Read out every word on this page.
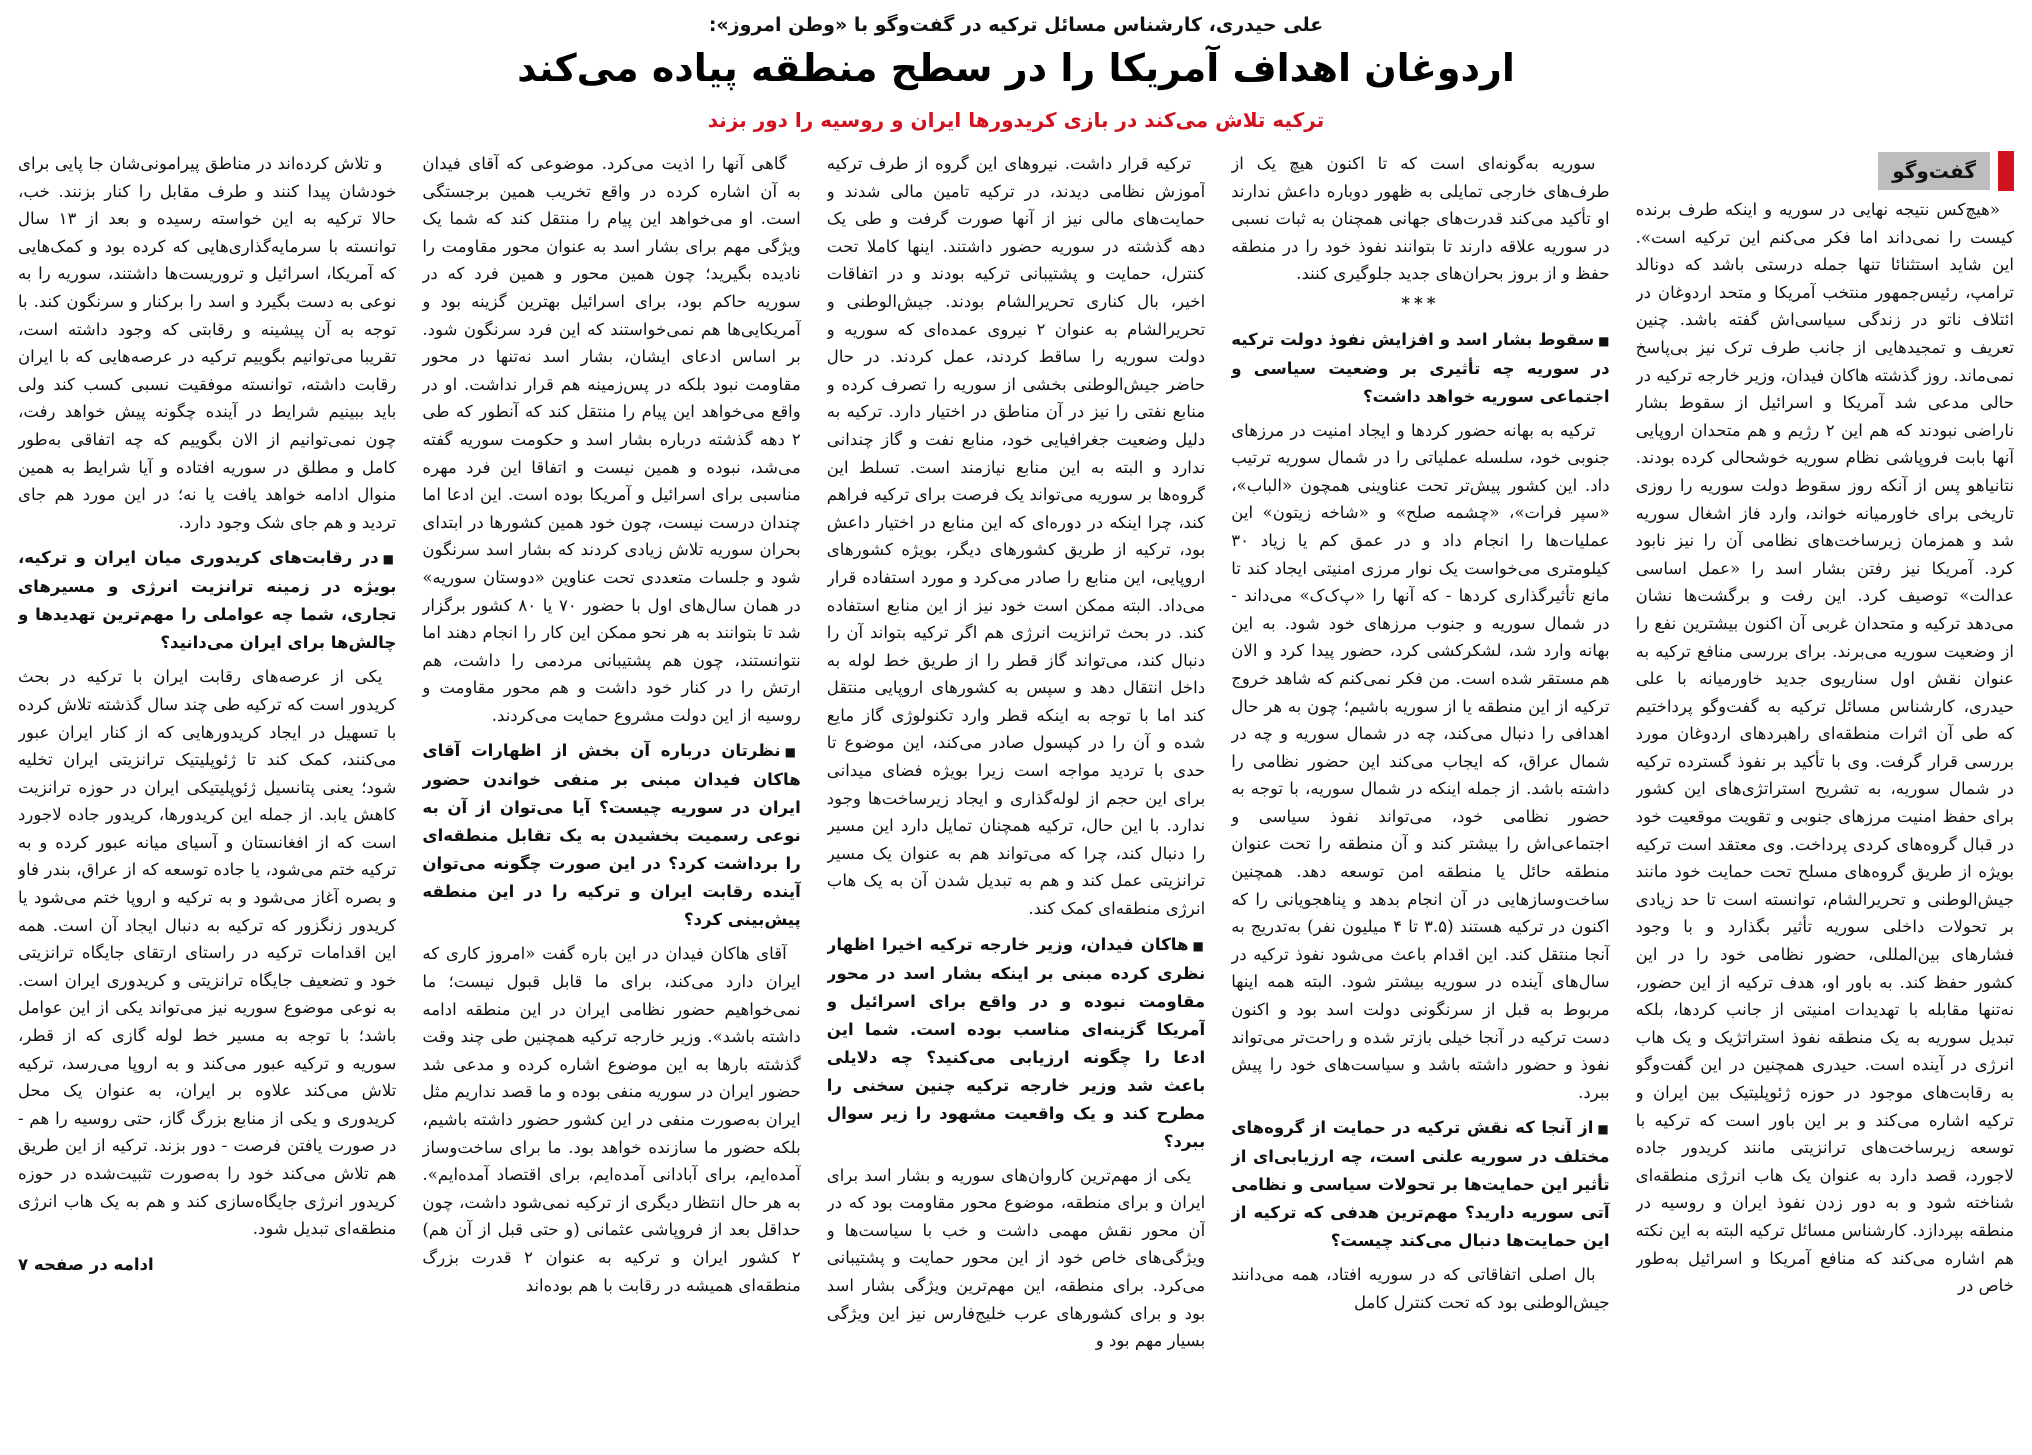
علی حیدری، کارشناس مسائل ترکیه در گفت‌وگو با «وطن امروز»:
اردوغان اهداف آمریکا را در سطح منطقه پیاده می‌کند
ترکیه تلاش می‌کند در بازی کریدورها ایران و روسیه را دور بزند
گفت‌وگو

«هیچ‌کس نتیجه نهایی در سوریه و اینکه طرف برنده کیست را نمی‌داند اما فکر می‌کنم این ترکیه است». این شاید استثنائا تنها جمله درستی باشد که دونالد ترامپ، رئیس‌جمهور منتخب آمریکا و متحد اردوغان در ائتلاف ناتو در زندگی سیاسی‌اش گفته باشد. چنین تعریف و تمجیدهایی از جانب طرف ترک نیز بی‌پاسخ نمی‌ماند. روز گذشته هاکان فیدان، وزیر خارجه ترکیه در حالی مدعی شد آمریکا و اسرائیل از سقوط بشار ناراضی نبودند که هم این ۲ رژیم و هم متحدان اروپایی آنها بابت فروپاشی نظام سوریه خوشحالی کرده بودند. نتانیاهو پس از آنکه روز سقوط دولت سوریه را روزی تاریخی برای خاورمیانه خواند، وارد فاز اشغال سوریه شد و همزمان زیرساخت‌های نظامی آن را نیز نابود کرد. آمریکا نیز رفتن بشار اسد را «عمل اساسی عدالت» توصیف کرد. این رفت و برگشت‌ها نشان می‌دهد ترکیه و متحدان غربی آن اکنون بیشترین نفع را از وضعیت سوریه می‌برند. برای بررسی منافع ترکیه به عنوان نقش اول سناریوی جدید خاورمیانه با علی حیدری، کارشناس مسائل ترکیه به گفت‌وگو پرداختیم که طی آن اثرات منطقه‌ای راهبردهای اردوغان مورد بررسی قرار گرفت. وی با تأکید بر نفوذ گسترده ترکیه در شمال سوریه، به تشریح استراتژی‌های این کشور برای حفظ امنیت مرزهای جنوبی و تقویت موقعیت خود در قبال گروه‌های کردی پرداخت. وی معتقد است ترکیه بویژه از طریق گروه‌های مسلح تحت حمایت خود مانند جیش‌الوطنی و تحریرالشام، توانسته است تا حد زیادی بر تحولات داخلی سوریه تأثیر بگذارد و با وجود فشارهای بین‌المللی، حضور نظامی خود را در این کشور حفظ کند. به باور او، هدف ترکیه از این حضور، نه‌تنها مقابله با تهدیدات امنیتی از جانب کردها، بلکه تبدیل سوریه به یک منطقه نفوذ استراتژیک و یک هاب انرژی در آینده است. حیدری همچنین در این گفت‌وگو به رقابت‌های موجود در حوزه ژئوپلیتیک بین ایران و ترکیه اشاره می‌کند و بر این باور است که ترکیه با توسعه زیرساخت‌های ترانزیتی مانند کریدور جاده لاجورد، قصد دارد به عنوان یک هاب انرژی منطقه‌ای شناخته شود و به دور زدن نفوذ ایران و روسیه در منطقه بپردازد. کارشناس مسائل ترکیه البته به این نکته هم اشاره می‌کند که منافع آمریکا و اسرائیل به‌طور خاص در

سوریه به‌گونه‌ای است که تا اکنون هیچ یک از طرف‌های خارجی تمایلی به ظهور دوباره داعش ندارند او تأکید می‌کند قدرت‌های جهانی همچنان به ثبات نسبی در سوریه علاقه دارند تا بتوانند نفوذ خود را در منطقه حفظ و از بروز بحران‌های جدید جلوگیری کنند.

***

■سقوط بشار اسد و افزایش نفوذ دولت ترکیه در سوریه چه تأثیری بر وضعیت سیاسی و اجتماعی سوریه خواهد داشت؟

ترکیه به بهانه حضور کردها و ایجاد امنیت در مرزهای جنوبی خود، سلسله عملیاتی را در شمال سوریه ترتیب داد. این کشور پیش‌تر تحت عناوینی همچون «الباب»، «سپر فرات»، «چشمه صلح» و «شاخه زیتون» این عملیات‌ها را انجام داد و در عمق کم یا زیاد ۳۰ کیلومتری می‌خواست یک نوار مرزی امنیتی ایجاد کند تا مانع تأثیرگذاری کردها - که آنها را «پ‌ک‌ک» می‌داند - در شمال سوریه و جنوب مرزهای خود شود. به این بهانه وارد شد، لشکرکشی کرد، حضور پیدا کرد و الان هم مستقر شده است. من فکر نمی‌کنم که شاهد خروج ترکیه از این منطقه یا از سوریه باشیم؛ چون به هر حال اهدافی را دنبال می‌کند، چه در شمال سوریه و چه در شمال عراق، که ایجاب می‌کند این حضور نظامی را داشته باشد. از جمله اینکه در شمال سوریه، با توجه به حضور نظامی خود، می‌تواند نفوذ سیاسی و اجتماعی‌اش را بیشتر کند و آن منطقه را تحت عنوان منطقه حائل یا منطقه امن توسعه دهد. همچنین ساخت‌وسازهایی در آن انجام بدهد و پناهجویانی را که اکنون در ترکیه هستند (۳.۵ تا ۴ میلیون نفر) به‌تدریج به آنجا منتقل کند. این اقدام باعث می‌شود نفوذ ترکیه در سال‌های آینده در سوریه بیشتر شود. البته همه اینها مربوط به قبل از سرنگونی دولت اسد بود و اکنون دست ترکیه در آنجا خیلی بازتر شده و راحت‌تر می‌تواند نفوذ و حضور داشته باشد و سیاست‌های خود را پیش ببرد.

■از آنجا که نقش ترکیه در حمایت از گروه‌های مختلف در سوریه علنی است، چه ارزیابی‌ای از تأثیر این حمایت‌ها بر تحولات سیاسی و نظامی آتی سوریه دارید؟ مهم‌ترین هدفی که ترکیه از این حمایت‌ها دنبال می‌کند چیست؟

بال اصلی اتفاقاتی که در سوریه افتاد، همه می‌دانند جیش‌الوطنی بود که تحت کنترل کامل

ترکیه قرار داشت. نیروهای این گروه از طرف ترکیه آموزش نظامی دیدند، در ترکیه تامین مالی شدند و حمایت‌های مالی نیز از آنها صورت گرفت و طی یک دهه گذشته در سوریه حضور داشتند. اینها کاملا تحت کنترل، حمایت و پشتیبانی ترکیه بودند و در اتفاقات اخیر، بال کناری تحریرالشام بودند. جیش‌الوطنی و تحریرالشام به عنوان ۲ نیروی عمده‌ای که سوریه و دولت سوریه را ساقط کردند، عمل کردند. در حال حاضر جیش‌الوطنی بخشی از سوریه را تصرف کرده و منابع نفتی را نیز در آن مناطق در اختیار دارد. ترکیه به دلیل وضعیت جغرافیایی خود، منابع نفت و گاز چندانی ندارد و البته به این منابع نیازمند است. تسلط این گروه‌ها بر سوریه می‌تواند یک فرصت برای ترکیه فراهم کند، چرا اینکه در دوره‌ای که این منابع در اختیار داعش بود، ترکیه از طریق کشورهای دیگر، بویژه کشورهای اروپایی، این منابع را صادر می‌کرد و مورد استفاده قرار می‌داد. البته ممکن است خود نیز از این منابع استفاده کند. در بحث ترانزیت انرژی هم اگر ترکیه بتواند آن را دنبال کند، می‌تواند گاز قطر را از طریق خط لوله به داخل انتقال دهد و سپس به کشورهای اروپایی منتقل کند اما با توجه به اینکه قطر وارد تکنولوژی گاز مایع شده و آن را در کپسول صادر می‌کند، این موضوع تا حدی با تردید مواجه است زیرا بویژه فضای میدانی برای این حجم از لوله‌گذاری و ایجاد زیرساخت‌ها وجود ندارد. با این حال، ترکیه همچنان تمایل دارد این مسیر را دنبال کند، چرا که می‌تواند هم به عنوان یک مسیر ترانزیتی عمل کند و هم به تبدیل شدن آن به یک هاب انرژی منطقه‌ای کمک کند.

■هاکان فیدان، وزیر خارجه ترکیه اخیرا اظهار نظری کرده مبنی بر اینکه بشار اسد در محور مقاومت نبوده و در واقع برای اسرائیل و آمریکا گزینه‌ای مناسب بوده است. شما این ادعا را چگونه ارزیابی می‌کنید؟ چه دلایلی باعث شد وزیر خارجه ترکیه چنین سخنی را مطرح کند و یک واقعیت مشهود را زیر سوال ببرد؟

یکی از مهم‌ترین کاروان‌های سوریه و بشار اسد برای ایران و برای منطقه، موضوع محور مقاومت بود که در آن محور نقش مهمی داشت و خب با سیاست‌ها و ویژگی‌های خاص خود از این محور حمایت و پشتیبانی می‌کرد. برای منطقه، این مهم‌ترین ویژگی بشار اسد بود و برای کشورهای عرب خلیج‌فارس نیز این ویژگی بسیار مهم بود و

گاهی آنها را اذیت می‌کرد. موضوعی که آقای فیدان به آن اشاره کرده در واقع تخریب همین برجستگی است. او می‌خواهد این پیام را منتقل کند که شما یک ویژگی مهم برای بشار اسد به عنوان محور مقاومت را نادیده بگیرید؛ چون همین محور و همین فرد که در سوریه حاکم بود، برای اسرائیل بهترین گزینه بود و آمریکایی‌ها هم نمی‌خواستند که این فرد سرنگون شود. بر اساس ادعای ایشان، بشار اسد نه‌تنها در محور مقاومت نبود بلکه در پس‌زمینه هم قرار نداشت. او در واقع می‌خواهد این پیام را منتقل کند که آنطور که طی ۲ دهه گذشته درباره بشار اسد و حکومت سوریه گفته می‌شد، نبوده و همین نیست و اتفاقا این فرد مهره مناسبی برای اسرائیل و آمریکا بوده است. این ادعا اما چندان درست نیست، چون خود همین کشورها در ابتدای بحران سوریه تلاش زیادی کردند که بشار اسد سرنگون شود و جلسات متعددی تحت عناوین «دوستان سوریه» در همان سال‌های اول با حضور ۷۰ یا ۸۰ کشور برگزار شد تا بتوانند به هر نحو ممکن این کار را انجام دهند اما نتوانستند، چون هم پشتیبانی مردمی را داشت، هم ارتش را در کنار خود داشت و هم محور مقاومت و روسیه از این دولت مشروع حمایت می‌کردند.

■نظرتان درباره آن بخش از اظهارات آقای هاکان فیدان مبنی بر منفی خواندن حضور ایران در سوریه چیست؟ آیا می‌توان از آن به نوعی رسمیت بخشیدن به یک تقابل منطقه‌ای را برداشت کرد؟ در این صورت چگونه می‌توان آینده رقابت ایران و ترکیه را در این منطقه پیش‌بینی کرد؟

آقای هاکان فیدان در این باره گفت «امروز کاری که ایران دارد می‌کند، برای ما قابل قبول نیست؛ ما نمی‌خواهیم حضور نظامی ایران در این منطقه ادامه داشته باشد». وزیر خارجه ترکیه همچنین طی چند وقت گذشته بارها به این موضوع اشاره کرده و مدعی شد حضور ایران در سوریه منفی بوده و ما قصد نداریم مثل ایران به‌صورت منفی در این کشور حضور داشته باشیم، بلکه حضور ما سازنده خواهد بود. ما برای ساخت‌وساز آمده‌ایم، برای آبادانی آمده‌ایم، برای اقتصاد آمده‌ایم». به هر حال انتظار دیگری از ترکیه نمی‌شود داشت، چون حداقل بعد از فروپاشی عثمانی (و حتی قبل از آن هم) ۲ کشور ایران و ترکیه به عنوان ۲ قدرت بزرگ منطقه‌ای همیشه در رقابت با هم بوده‌اند

و تلاش کرده‌اند در مناطق پیرامونی‌شان جا پایی برای خودشان پیدا کنند و طرف مقابل را کنار بزنند. خب، حالا ترکیه به این خواسته رسیده و بعد از ۱۳ سال توانسته با سرمایه‌گذاری‌هایی که کرده بود و کمک‌هایی که آمریکا، اسرائیل و تروریست‌ها داشتند، سوریه را به نوعی به دست بگیرد و اسد را برکنار و سرنگون کند. با توجه به آن پیشینه و رقابتی که وجود داشته است، تقریبا می‌توانیم بگوییم ترکیه در عرصه‌هایی که با ایران رقابت داشته، توانسته موفقیت نسبی کسب کند ولی باید ببینیم شرایط در آینده چگونه پیش خواهد رفت، چون نمی‌توانیم از الان بگوییم که چه اتفاقی به‌طور کامل و مطلق در سوریه افتاده و آیا شرایط به همین منوال ادامه خواهد یافت یا نه؛ در این مورد هم جای تردید و هم جای شک وجود دارد.

■در رقابت‌های کریدوری میان ایران و ترکیه، بویژه در زمینه ترانزیت انرژی و مسیرهای تجاری، شما چه عواملی را مهم‌ترین تهدیدها و چالش‌ها برای ایران می‌دانید؟

یکی از عرصه‌های رقابت ایران با ترکیه در بحث کریدور است که ترکیه طی چند سال گذشته تلاش کرده با تسهیل در ایجاد کریدورهایی که از کنار ایران عبور می‌کنند، کمک کند تا ژئوپلیتیک ترانزیتی ایران تخلیه شود؛ یعنی پتانسیل ژئوپلیتیکی ایران در حوزه ترانزیت کاهش یابد. از جمله این کریدورها، کریدور جاده لاجورد است که از افغانستان و آسیای میانه عبور کرده و به ترکیه ختم می‌شود، یا جاده توسعه که از عراق، بندر فاو و بصره آغاز می‌شود و به ترکیه و اروپا ختم می‌شود یا کریدور زنگزور که ترکیه به دنبال ایجاد آن است. همه این اقدامات ترکیه در راستای ارتقای جایگاه ترانزیتی خود و تضعیف جایگاه ترانزیتی و کریدوری ایران است. به نوعی موضوع سوریه نیز می‌تواند یکی از این عوامل باشد؛ با توجه به مسیر خط لوله گازی که از قطر، سوریه و ترکیه عبور می‌کند و به اروپا می‌رسد، ترکیه تلاش می‌کند علاوه بر ایران، به عنوان یک محل کریدوری و یکی از منابع بزرگ گاز، حتی روسیه را هم - در صورت یافتن فرصت - دور بزند. ترکیه از این طریق هم تلاش می‌کند خود را به‌صورت تثبیت‌شده در حوزه کریدور انرژی جایگاه‌سازی کند و هم به یک هاب انرژی منطقه‌ای تبدیل شود.

ادامه در صفحه ۷
